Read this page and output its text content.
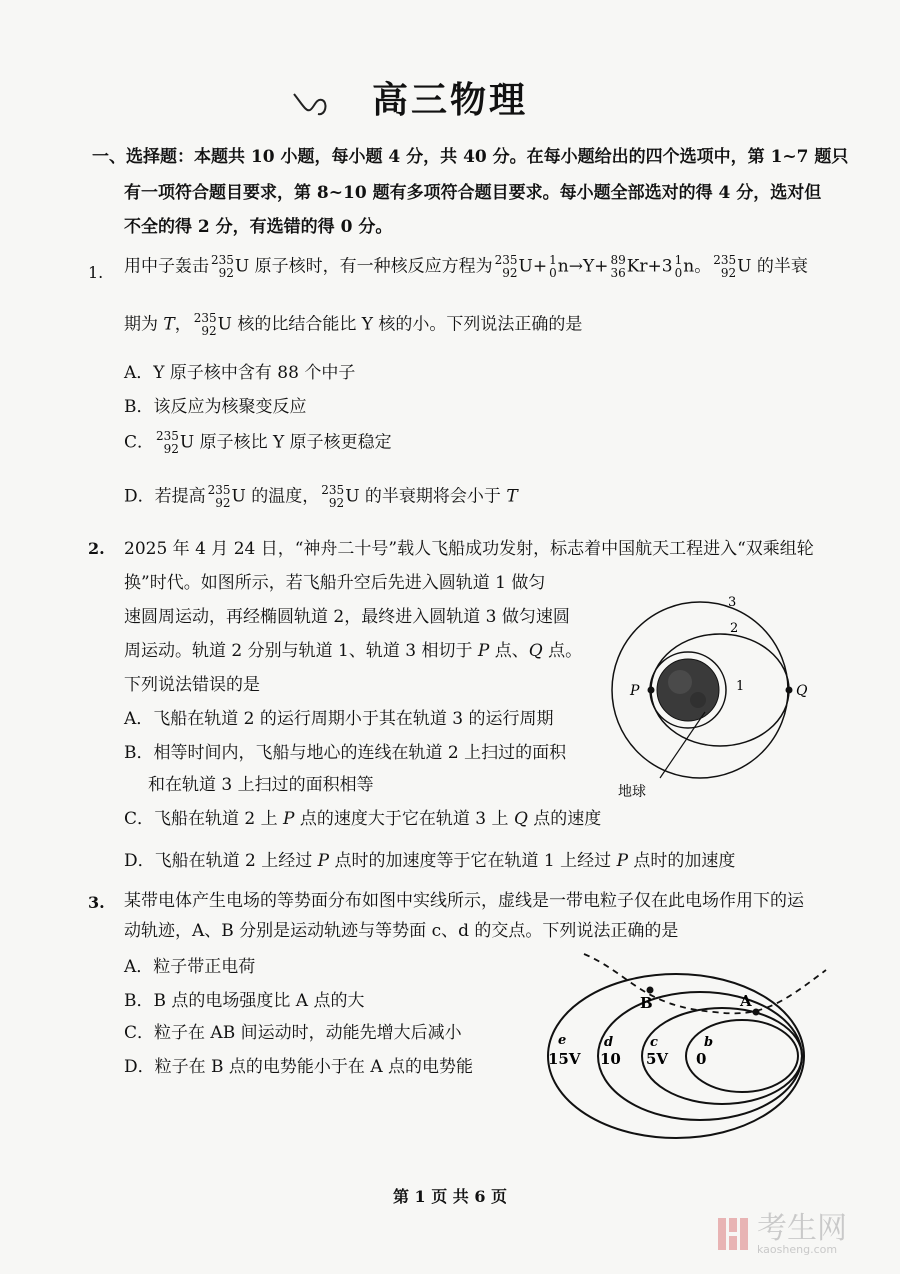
高三物理
一、选择题：本题共 10 小题，每小题 4 分，共 40 分。在每小题给出的四个选项中，第 1~7 题只
有一项符合题目要求，第 8~10 题有多项符合题目要求。每小题全部选对的得 4 分，选对但
不全的得 2 分，有选错的得 0 分。
1. 用中子轰击 235
92 U 原子核时，有一种核反应方程为 235
92 U+ 1
0 n→Y+ 89
36 Kr+3 1
0 n。 235
92 U 的半衰
期为 T， 235
92 U 核的比结合能比 Y 核的小。下列说法正确的是
A．Y 原子核中含有 88 个中子
B．该反应为核聚变反应
C． 235
92 U 原子核比 Y 原子核更稳定
D．若提高 235
92 U 的温度， 235
92 U 的半衰期将会小于 T
2. 2025 年 4 月 24 日，“神舟二十号”载人飞船成功发射，标志着中国航天工程进入“双乘组轮
换”时代。如图所示，若飞船升空后先进入圆轨道 1 做匀
速圆周运动，再经椭圆轨道 2，最终进入圆轨道 3 做匀速圆
周运动。轨道 2 分别与轨道 1、轨道 3 相切于 P 点、Q 点。
下列说法错误的是
A．飞船在轨道 2 的运行周期小于其在轨道 3 的运行周期
B．相等时间内，飞船与地心的连线在轨道 2 上扫过的面积
和在轨道 3 上扫过的面积相等
C．飞船在轨道 2 上 P 点的速度大于它在轨道 3 上 Q 点的速度
D．飞船在轨道 2 上经过 P 点时的加速度等于它在轨道 1 上经过 P 点时的加速度
3
2
1
P	Q
地球
3. 某带电体产生电场的等势面分布如图中实线所示，虚线是一带电粒子仅在此电场作用下的运
动轨迹，A、B 分别是运动轨迹与等势面 c、d 的交点。下列说法正确的是
A．粒子带正电荷
B．B 点的电场强度比 A 点的大
C．粒子在 AB 间运动时，动能先增大后减小
D．粒子在 B 点的电势能小于在 A 点的电势能
B	A
e
15V
d
10
c
5V
b
0
第 1 页 共 6 页
考生网
kaosheng.com
